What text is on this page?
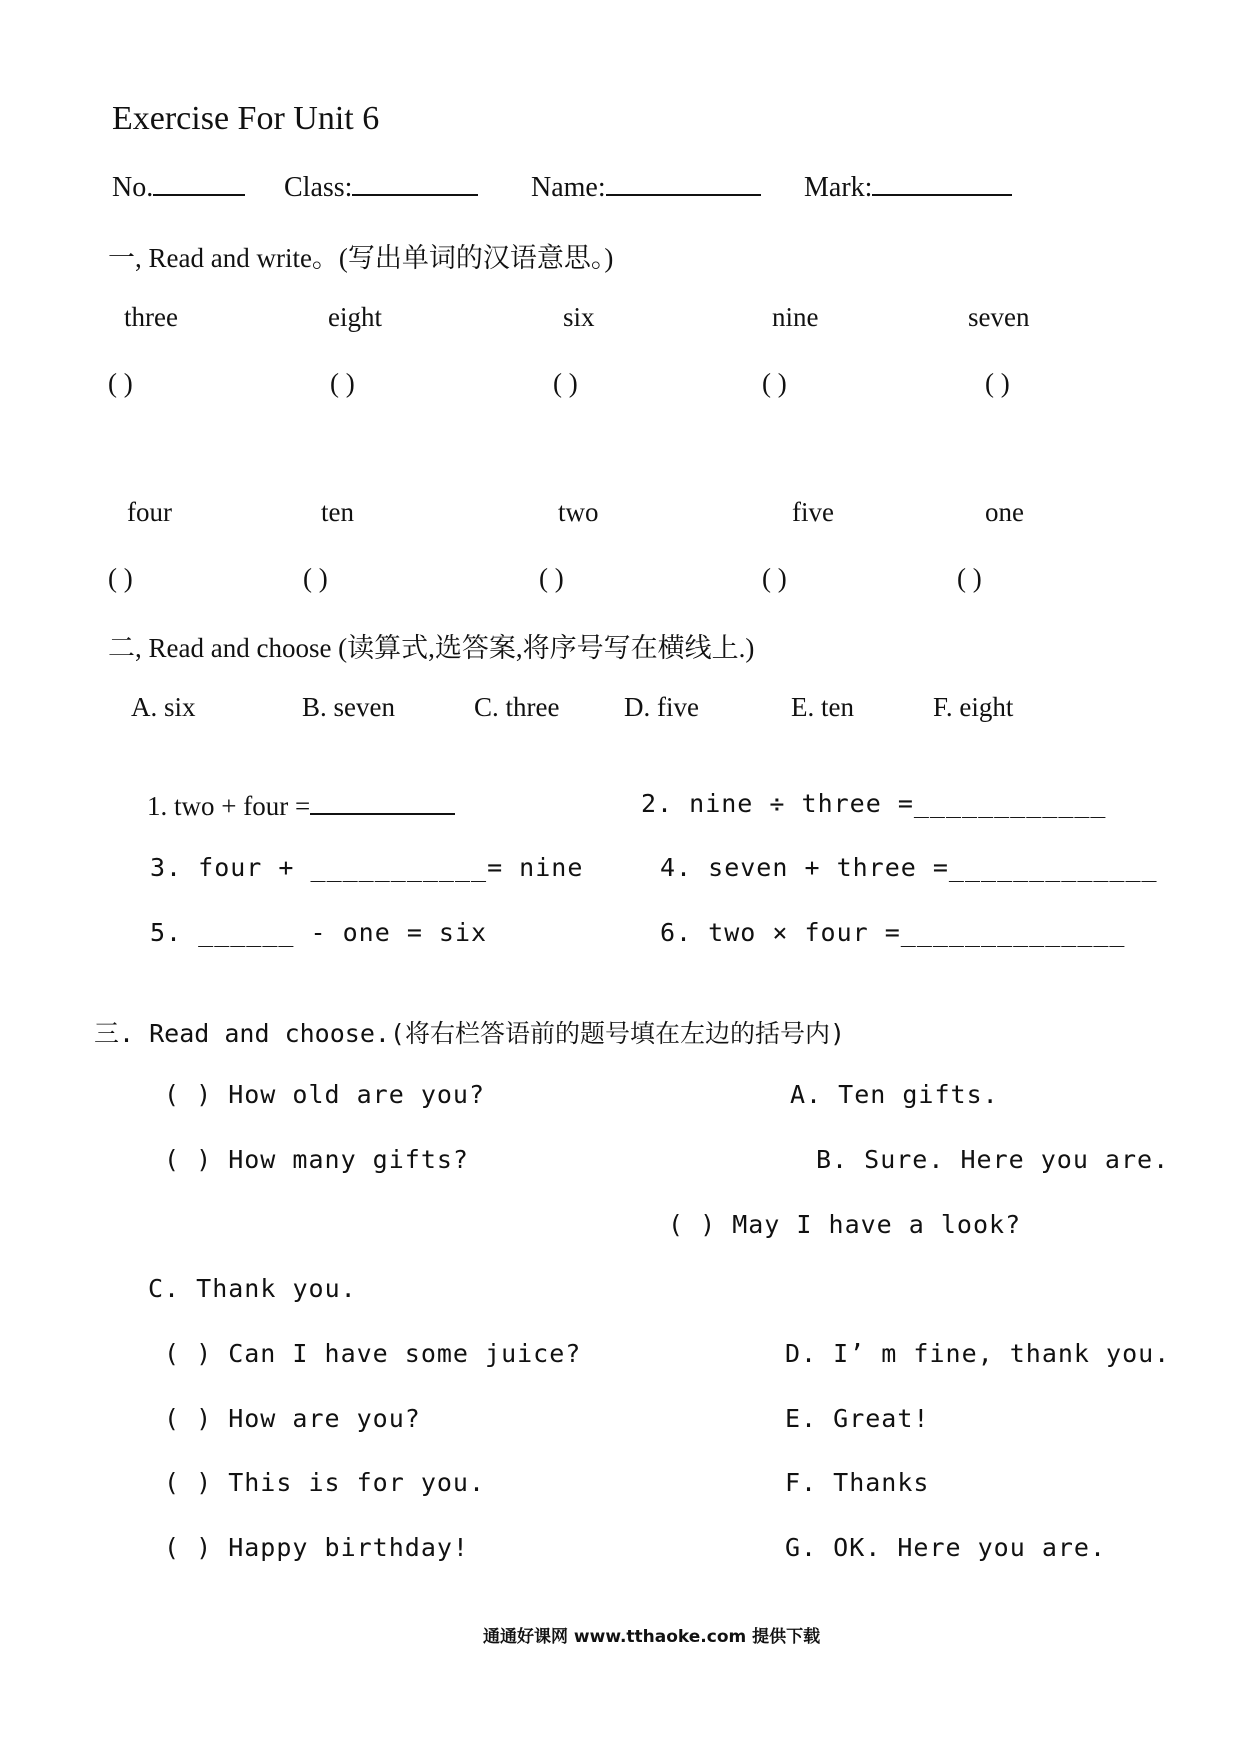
Exercise For Unit 6
No.	Class:	Name:	Mark:
一, Read and write。(写出单词的汉语意思。)
three	eight	six	nine	seven
( )	( )	( )	( )	( )
four	ten	two	five	one
( )	( )	( )	( )	( )
二, Read and choose (读算式,选答案,将序号写在横线上.)
A. six	B. seven	C. three D. five	E. ten	F. eight
1. two + four =	2. nine ÷ three =____________
3. four + ___________= nine	4. seven + three =_____________
5. ______ - one = six	6. two × four =______________
三. Read and choose.(将右栏答语前的题号填在左边的括号内)
( ) How old are you?	A. Ten gifts.
( ) How many gifts?	B. Sure. Here you are.
( ) May I have a look?
C. Thank you.
( ) Can I have some juice?	D. I’ m fine, thank you.
( ) How are you?	E. Great!
( ) This is for you.	F. Thanks
( ) Happy birthday!	G. OK. Here you are.
通通好课网 www.tthaoke.com 提供下载
